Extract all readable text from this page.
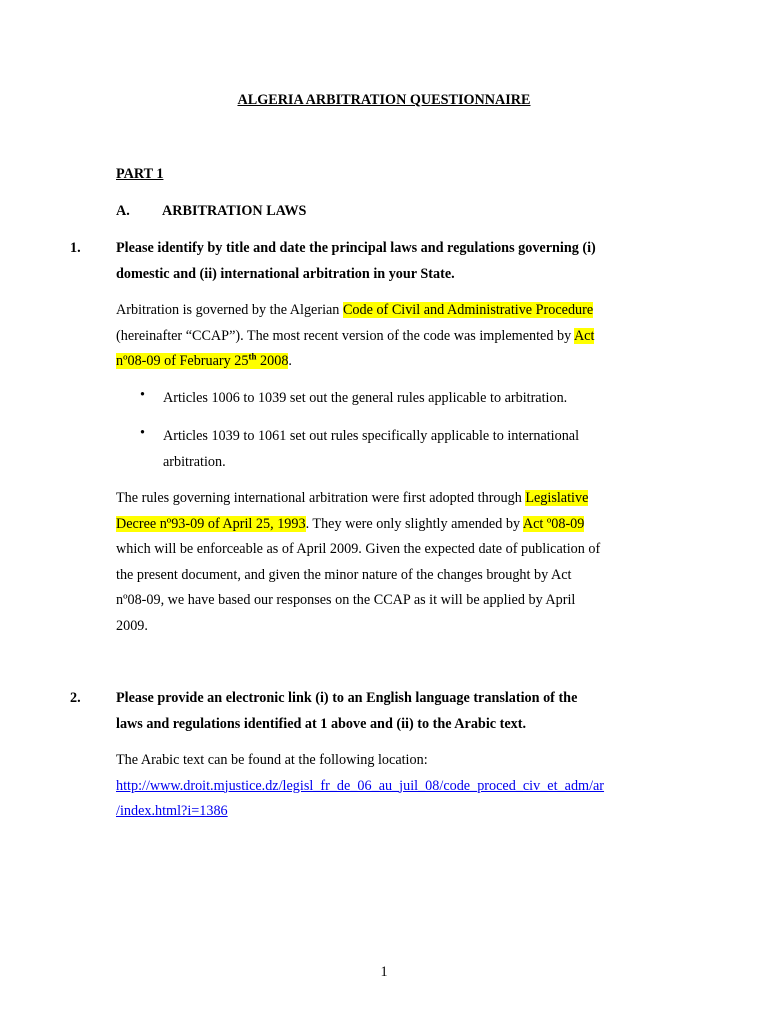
ALGERIA ARBITRATION QUESTIONNAIRE
PART 1
A. ARBITRATION LAWS
1. Please identify by title and date the principal laws and regulations governing (i)
domestic and (ii) international arbitration in your State.
Arbitration is governed by the Algerian Code of Civil and Administrative Procedure
(hereinafter “CCAP”). The most recent version of the code was implemented by Act
nº08-09 of February 25th 2008.
• Articles 1006 to 1039 set out the general rules applicable to arbitration.
• Articles 1039 to 1061 set out rules specifically applicable to international
arbitration.
The rules governing international arbitration were first adopted through Legislative
Decree nº93-09 of April 25, 1993. They were only slightly amended by Act º08-09
which will be enforceable as of April 2009. Given the expected date of publication of
the present document, and given the minor nature of the changes brought by Act
nº08-09, we have based our responses on the CCAP as it will be applied by April
2009.
2. Please provide an electronic link (i) to an English language translation of the
laws and regulations identified at 1 above and (ii) to the Arabic text.
The Arabic text can be found at the following location:
http://www.droit.mjustice.dz/legisl_fr_de_06_au_juil_08/code_proced_civ_et_adm/ar
/index.html?i=1386
1
